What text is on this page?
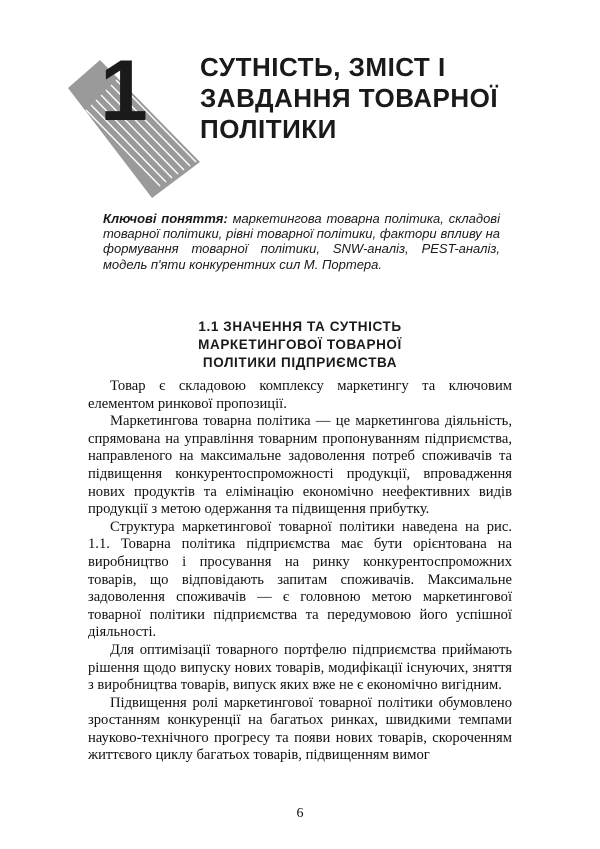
1 СУТНІСТЬ, ЗМІСТ І
ЗАВДАННЯ ТОВАРНОЇ
ПОЛІТИКИ
Ключові поняття: маркетингова товарна політика, складові товарної політики, рівні товарної політики, фактори впливу на формування товарної політики, SNW-аналіз, PEST-аналіз, модель п'яти конкурентних сил М. Портера.
1.1 ЗНАЧЕННЯ ТА СУТНІСТЬ
МАРКЕТИНГОВОЇ ТОВАРНОЇ
ПОЛІТИКИ ПІДПРИЄМСТВА

Товар є складовою комплексу маркетингу та ключовим елементом ринкової пропозиції.

Маркетингова товарна політика — це маркетингова діяльність, спрямована на управління товарним пропонуванням підприємства, направленого на максимальне задоволення потреб споживачів та підвищення конкурентоспроможності продукції, впровадження нових продуктів та елімінацію економічно неефективних видів продукції з метою одержання та підвищення прибутку.

Структура маркетингової товарної політики наведена на рис. 1.1. Товарна політика підприємства має бути орієнтована на виробництво і просування на ринку конкурентоспроможних товарів, що відповідають запитам споживачів. Максимальне задоволення споживачів — є головною метою маркетингової товарної політики підприємства та передумовою його успішної діяльності.

Для оптимізації товарного портфелю підприємства приймають рішення щодо випуску нових товарів, модифікації існуючих, зняття з виробництва товарів, випуск яких вже не є економічно вигідним.

Підвищення ролі маркетингової товарної політики обумовлено зростанням конкуренції на багатьох ринках, швидкими темпами науково-технічного прогресу та появи нових товарів, скороченням життєвого циклу багатьох товарів, підвищенням вимог

6
